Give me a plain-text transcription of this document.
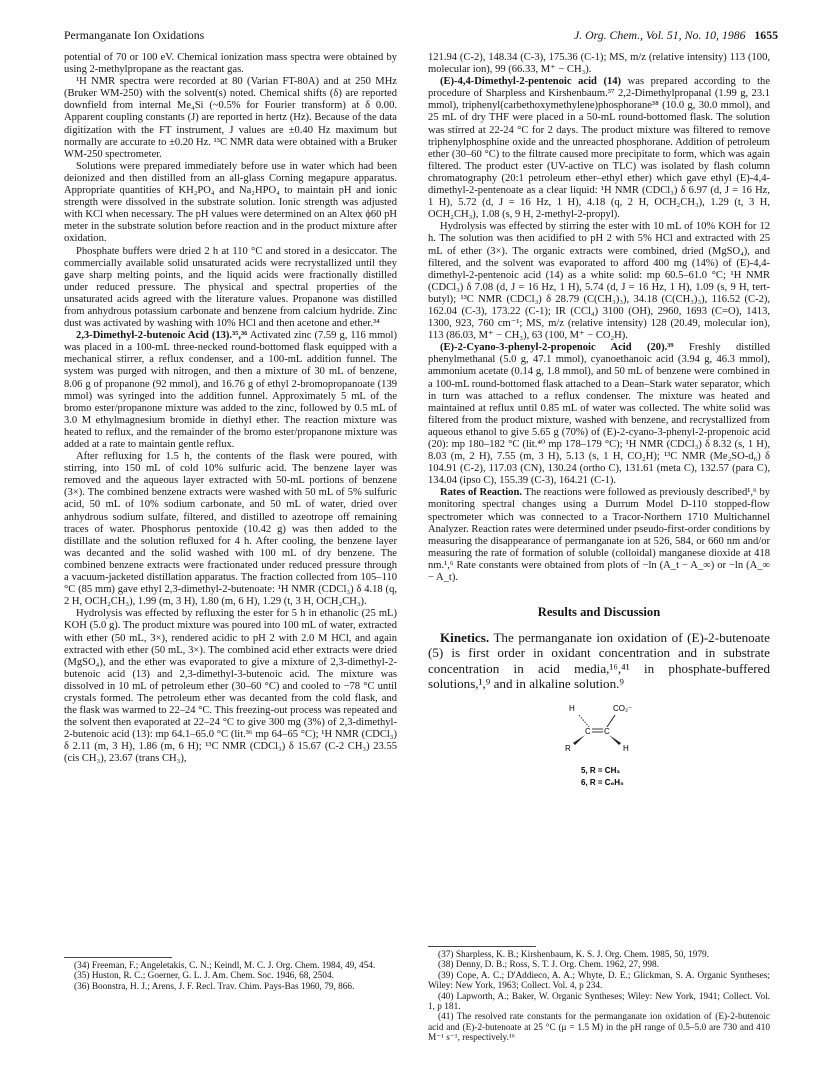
Permanganate Ion Oxidations	J. Org. Chem., Vol. 51, No. 10, 1986 1655

potential of 70 or 100 eV. Chemical ionization mass spectra were obtained by using 2-methylpropane as the reactant gas.

¹H NMR spectra were recorded at 80 (Varian FT-80A) and at 250 MHz (Bruker WM-250) with the solvent(s) noted. Chemical shifts (δ) are reported downfield from internal Me₄Si (~0.5% for Fourier transform) at δ 0.00. Apparent coupling constants (J) are reported in hertz (Hz). Because of the data digitization with the FT instrument, J values are ±0.40 Hz maximum but normally are accurate to ±0.20 Hz. ¹³C NMR data were obtained with a Bruker WM-250 spectrometer.

Solutions were prepared immediately before use in water which had been deionized and then distilled from an all-glass Corning megapure apparatus. Appropriate quantities of KH₂PO₄ and Na₂HPO₄ to maintain pH and ionic strength were dissolved in the substrate solution. Ionic strength was adjusted with KCl when necessary. The pH values were determined on an Altex ϕ60 pH meter in the substrate solution before reaction and in the product mixture after oxidation.

Phosphate buffers were dried 2 h at 110 °C and stored in a desiccator. The commercially available solid unsaturated acids were recrystallized until they gave sharp melting points, and the liquid acids were fractionally distilled under reduced pressure. The physical and spectral properties of the unsaturated acids agreed with the literature values. Propanone was distilled from anhydrous potassium carbonate and benzene from calcium hydride. Zinc dust was activated by washing with 10% HCl and then acetone and ether.³⁴

2,3-Dimethyl-2-butenoic Acid (13).³⁵,³⁶ Activated zinc (7.59 g, 116 mmol) was placed in a 100-mL three-necked round-bottomed flask equipped with a mechanical stirrer, a reflux condenser, and a 100-mL addition funnel. The system was purged with nitrogen, and then a mixture of 30 mL of benzene, 8.06 g of propanone (92 mmol), and 16.76 g of ethyl 2-bromopropanoate (139 mmol) was syringed into the addition funnel. Approximately 5 mL of the bromo ester/propanone mixture was added to the zinc, followed by 0.5 mL of 3.0 M ethylmagnesium bromide in diethyl ether. The reaction mixture was heated to reflux, and the remainder of the bromo ester/propanone mixture was added at a rate to maintain gentle reflux.

After refluxing for 1.5 h, the contents of the flask were poured, with stirring, into 150 mL of cold 10% sulfuric acid. The benzene layer was removed and the aqueous layer extracted with 50-mL portions of benzene (3×). The combined benzene extracts were washed with 50 mL of 5% sulfuric acid, 50 mL of 10% sodium carbonate, and 50 mL of water, dried over anhydrous sodium sulfate, filtered, and distilled to azeotrope off remaining traces of water. Phosphorus pentoxide (10.42 g) was then added to the distillate and the solution refluxed for 4 h. After cooling, the benzene layer was decanted and the solid washed with 100 mL of dry benzene. The combined benzene extracts were fractionated under reduced pressure through a vacuum-jacketed distillation apparatus. The fraction collected from 105–110 °C (85 mm) gave ethyl 2,3-dimethyl-2-butenoate: ¹H NMR (CDCl₃) δ 4.18 (q, 2 H, OCH₂CH₃), 1.99 (m, 3 H), 1.80 (m, 6 H), 1.29 (t, 3 H, OCH₂CH₃).

Hydrolysis was effected by refluxing the ester for 5 h in ethanolic (25 mL) KOH (5.0 g). The product mixture was poured into 100 mL of water, extracted with ether (50 mL, 3×), rendered acidic to pH 2 with 2.0 M HCl, and again extracted with ether (50 mL, 3×). The combined acid ether extracts were dried (MgSO₄), and the ether was evaporated to give a mixture of 2,3-dimethyl-2-butenoic acid (13) and 2,3-dimethyl-3-butenoic acid. The mixture was dissolved in 10 mL of petroleum ether (30–60 °C) and cooled to −78 °C until crystals formed. The petroleum ether was decanted from the cold flask, and the flask was warmed to 22–24 °C. This freezing-out process was repeated and the solvent then evaporated at 22–24 °C to give 300 mg (3%) of 2,3-dimethyl-2-butenoic acid (13): mp 64.1–65.0 °C (lit.³⁶ mp 64–65 °C); ¹H NMR (CDCl₃) δ 2.11 (m, 3 H), 1.86 (m, 6 H); ¹³C NMR (CDCl₃) δ 15.67 (C-2 CH₃) 23.55 (cis CH₃), 23.67 (trans CH₃),

(34) Freeman, F.; Angeletakis, C. N.; Keindl, M. C. J. Org. Chem. 1984, 49, 454.

(35) Huston, R. C.; Goerner, G. L. J. Am. Chem. Soc. 1946, 68, 2504.

(36) Boonstra, H. J.; Arens, J. F. Recl. Trav. Chim. Pays-Bas 1960, 79, 866.

121.94 (C-2), 148.34 (C-3), 175.36 (C-1); MS, m/z (relative intensity) 113 (100, molecular ion), 99 (66.33, M⁺ − CH₃).

(E)-4,4-Dimethyl-2-pentenoic acid (14) was prepared according to the procedure of Sharpless and Kirshenbaum.³⁷ 2,2-Dimethylpropanal (1.99 g, 23.1 mmol), triphenyl(carbethoxymethylene)phosphorane³⁸ (10.0 g, 30.0 mmol), and 25 mL of dry THF were placed in a 50-mL round-bottomed flask. The solution was stirred at 22-24 °C for 2 days. The product mixture was filtered to remove triphenylphosphine oxide and the unreacted phosphorane. Addition of petroleum ether (30–60 °C) to the filtrate caused more precipitate to form, which was again filtered. The product ester (UV-active on TLC) was isolated by flash column chromatography (20:1 petroleum ether–ethyl ether) which gave ethyl (E)-4,4-dimethyl-2-pentenoate as a clear liquid: ¹H NMR (CDCl₃) δ 6.97 (d, J = 16 Hz, 1 H), 5.72 (d, J = 16 Hz, 1 H), 4.18 (q, 2 H, OCH₂CH₃), 1.29 (t, 3 H, OCH₂CH₃), 1.08 (s, 9 H, 2-methyl-2-propyl).

Hydrolysis was effected by stirring the ester with 10 mL of 10% KOH for 12 h. The solution was then acidified to pH 2 with 5% HCl and extracted with 25 mL of ether (3×). The organic extracts were combined, dried (MgSO₄), and filtered, and the solvent was evaporated to afford 400 mg (14%) of (E)-4,4-dimethyl-2-pentenoic acid (14) as a white solid: mp 60.5–61.0 °C; ¹H NMR (CDCl₃) δ 7.08 (d, J = 16 Hz, 1 H), 5.74 (d, J = 16 Hz, 1 H), 1.09 (s, 9 H, tert-butyl); ¹³C NMR (CDCl₃) δ 28.79 (C(CH₃)₃), 34.18 (C(CH₃)₃), 116.52 (C-2), 162.04 (C-3), 173.22 (C-1); IR (CCl₄) 3100 (OH), 2960, 1693 (C=O), 1413, 1300, 923, 760 cm⁻¹; MS, m/z (relative intensity) 128 (20.49, molecular ion), 113 (86.03, M⁺ − CH₃), 63 (100, M⁺ − CO₂H).

(E)-2-Cyano-3-phenyl-2-propenoic Acid (20).³⁹ Freshly distilled phenylmethanal (5.0 g, 47.1 mmol), cyanoethanoic acid (3.94 g, 46.3 mmol), ammonium acetate (0.14 g, 1.8 mmol), and 50 mL of benzene were combined in a 100-mL round-bottomed flask attached to a Dean–Stark water separator, which in turn was attached to a reflux condenser. The mixture was heated and maintained at reflux until 0.85 mL of water was collected. The white solid was filtered from the product mixture, washed with benzene, and recrystallized from aqueous ethanol to give 5.65 g (70%) of (E)-2-cyano-3-phenyl-2-propenoic acid (20): mp 180–182 °C (lit.⁴⁰ mp 178–179 °C); ¹H NMR (CDCl₃) δ 8.32 (s, 1 H), 8.03 (m, 2 H), 7.55 (m, 3 H), 5.13 (s, 1 H, CO₂H); ¹³C NMR (Me₂SO-d₆) δ 104.91 (C-2), 117.03 (CN), 130.24 (ortho C), 131.61 (meta C), 132.57 (para C), 134.04 (ipso C), 155.39 (C-3), 164.21 (C-1).

Rates of Reaction. The reactions were followed as previously described¹,⁶ by monitoring spectral changes using a Durrum Model D-110 stopped-flow spectrometer which was connected to a Tracor-Northern 1710 Multichannel Analyzer. Reaction rates were determined under pseudo-first-order conditions by measuring the disappearance of permanganate ion at 526, 584, or 660 nm and/or measuring the rate of formation of soluble (colloidal) manganese dioxide at 418 nm.¹,⁶ Rate constants were obtained from plots of −ln (A_t − A_∞) or −ln (A_∞ − A_t).

Results and Discussion

Kinetics. The permanganate ion oxidation of (E)-2-butenoate (5) is first order in oxidant concentration and in substrate concentration in acid media,¹⁶,⁴¹ in phosphate-buffered solutions,¹,⁹ and in alkaline solution.⁹

H	CO₂⁻
C C
R	H
5, R = CH₃
6, R = C₆H₅

(37) Sharpless, K. B.; Kirshenbaum, K. S. J. Org. Chem. 1985, 50, 1979.

(38) Denny, D. B.; Ross, S. T. J. Org. Chem. 1962, 27, 998.

(39) Cope, A. C.; D'Addieco, A. A.; Whyte, D. E.; Glickman, S. A. Organic Syntheses; Wiley: New York, 1963; Collect. Vol. 4, p 234.

(40) Lapworth, A.; Baker, W. Organic Syntheses; Wiley: New York, 1941; Collect. Vol. 1, p 181.

(41) The resolved rate constants for the permanganate ion oxidation of (E)-2-butenoic acid and (E)-2-butenoate at 25 °C (μ = 1.5 M) in the pH range of 0.5–5.0 are 730 and 410 M⁻¹ s⁻¹, respectively.¹⁶
